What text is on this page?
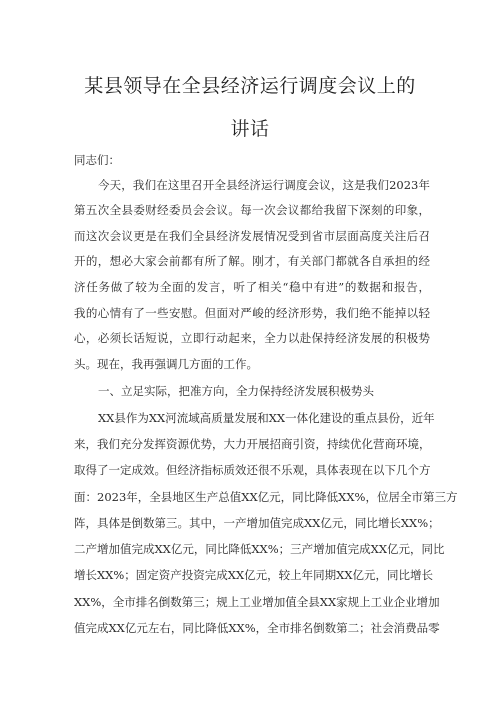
某县领导在全县经济运行调度会议上的
讲话
同志们：
今天，我们在这里召开全县经济运行调度会议，这是我们2023年
第五次全县委财经委员会会议。每一次会议都给我留下深刻的印象，
而这次会议更是在我们全县经济发展情况受到省市层面高度关注后召
开的，想必大家会前都有所了解。刚才，有关部门都就各自承担的经
济任务做了较为全面的发言，听了相关“稳中有进”的数据和报告，
我的心情有了一些安慰。但面对严峻的经济形势，我们绝不能掉以轻
心，必须长话短说，立即行动起来，全力以赴保持经济发展的积极势
头。现在，我再强调几方面的工作。
一、立足实际，把准方向，全力保持经济发展积极势头
XX县作为XX河流域高质量发展和XX一体化建设的重点县份，近年
来，我们充分发挥资源优势，大力开展招商引资，持续优化营商环境，
取得了一定成效。但经济指标质效还很不乐观，具体表现在以下几个方
面：2023年，全县地区生产总值XX亿元，同比降低XX%，位居全市第三方
阵，具体是倒数第三。其中，一产增加值完成XX亿元，同比增长XX%；
二产增加值完成XX亿元，同比降低XX%；三产增加值完成XX亿元，同比
增长XX%；固定资产投资完成XX亿元，较上年同期XX亿元，同比增长
XX%，全市排名倒数第三；规上工业增加值全县XX家规上工业企业增加
值完成XX亿元左右，同比降低XX%，全市排名倒数第二；社会消费品零
